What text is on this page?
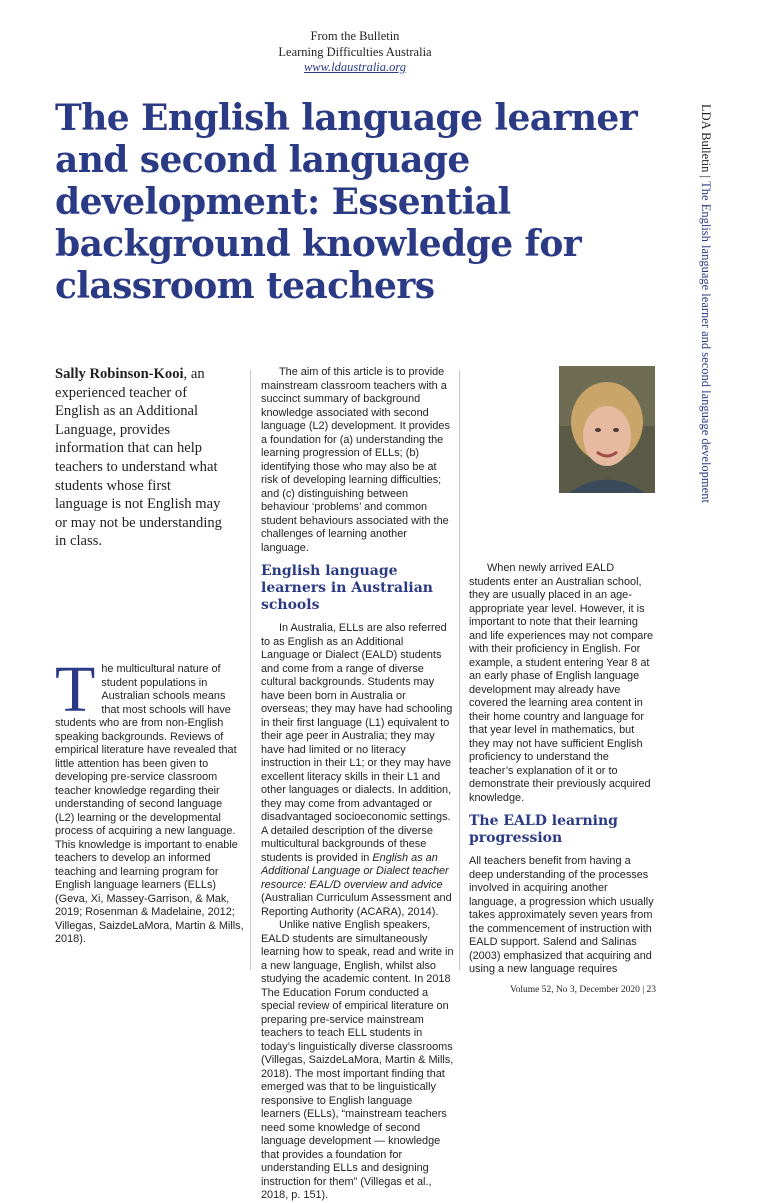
From the Bulletin
Learning Difficulties Australia
www.ldaustralia.org
The English language learner and second language development: Essential background knowledge for classroom teachers
LDA Bulletin | The English language learner and second language development
Sally Robinson-Kooi, an experienced teacher of English as an Additional Language, provides information that can help teachers to understand what students whose first language is not English may or may not be understanding in class.
T he multicultural nature of student populations in Australian schools means that most schools will have students who are from non-English speaking backgrounds. Reviews of empirical literature have revealed that little attention has been given to developing pre-service classroom teacher knowledge regarding their understanding of second language (L2) learning or the developmental process of acquiring a new language. This knowledge is important to enable teachers to develop an informed teaching and learning program for English language learners (ELLs) (Geva, Xi, Massey-Garrison, & Mak, 2019; Rosenman & Madelaine, 2012; Villegas, SaizdeLaMora, Martin & Mills, 2018).

The aim of this article is to provide mainstream classroom teachers with a succinct summary of background knowledge associated with second language (L2) development. It provides a foundation for (a) understanding the learning progression of ELLs; (b) identifying those who may also be at risk of developing learning difficulties; and (c) distinguishing between behaviour ‘problems’ and common student behaviours associated with the challenges of learning another language.

English language learners in Australian schools

In Australia, ELLs are also referred to as English as an Additional Language or Dialect (EALD) students and come from a range of diverse cultural backgrounds. Students may have been born in Australia or overseas; they may have had schooling in their first language (L1) equivalent to their age peer in Australia; they may have had limited or no literacy instruction in their L1; or they may have excellent literacy skills in their L1 and other languages or dialects. In addition, they may come from advantaged or disadvantaged socioeconomic settings. A detailed description of the diverse multicultural backgrounds of these students is provided in English as an Additional Language or Dialect teacher resource: EAL/D overview and advice (Australian Curriculum Assessment and Reporting Authority (ACARA), 2014).

Unlike native English speakers, EALD students are simultaneously learning how to speak, read and write in a new language, English, whilst also studying the academic content. In 2018 The Education Forum conducted a special review of empirical literature on preparing pre-service mainstream teachers to teach ELL students in today’s linguistically diverse classrooms (Villegas, SaizdeLaMora, Martin & Mills, 2018). The most important finding that emerged was that to be linguistically responsive to English language learners (ELLs), “mainstream teachers need some knowledge of second language development — knowledge that provides a foundation for understanding ELLs and designing instruction for them” (Villegas et al., 2018, p. 151).

When newly arrived EALD students enter an Australian school, they are usually placed in an age-appropriate year level. However, it is important to note that their learning and life experiences may not compare with their proficiency in English. For example, a student entering Year 8 at an early phase of English language development may already have covered the learning area content in their home country and language for that year level in mathematics, but they may not have sufficient English proficiency to understand the teacher’s explanation of it or to demonstrate their previously acquired knowledge.

The EALD learning progression

All teachers benefit from having a deep understanding of the processes involved in acquiring another language, a progression which usually takes approximately seven years from the commencement of instruction with EALD support. Salend and Salinas (2003) emphasized that acquiring and using a new language requires

Volume 52, No 3, December 2020 | 23
